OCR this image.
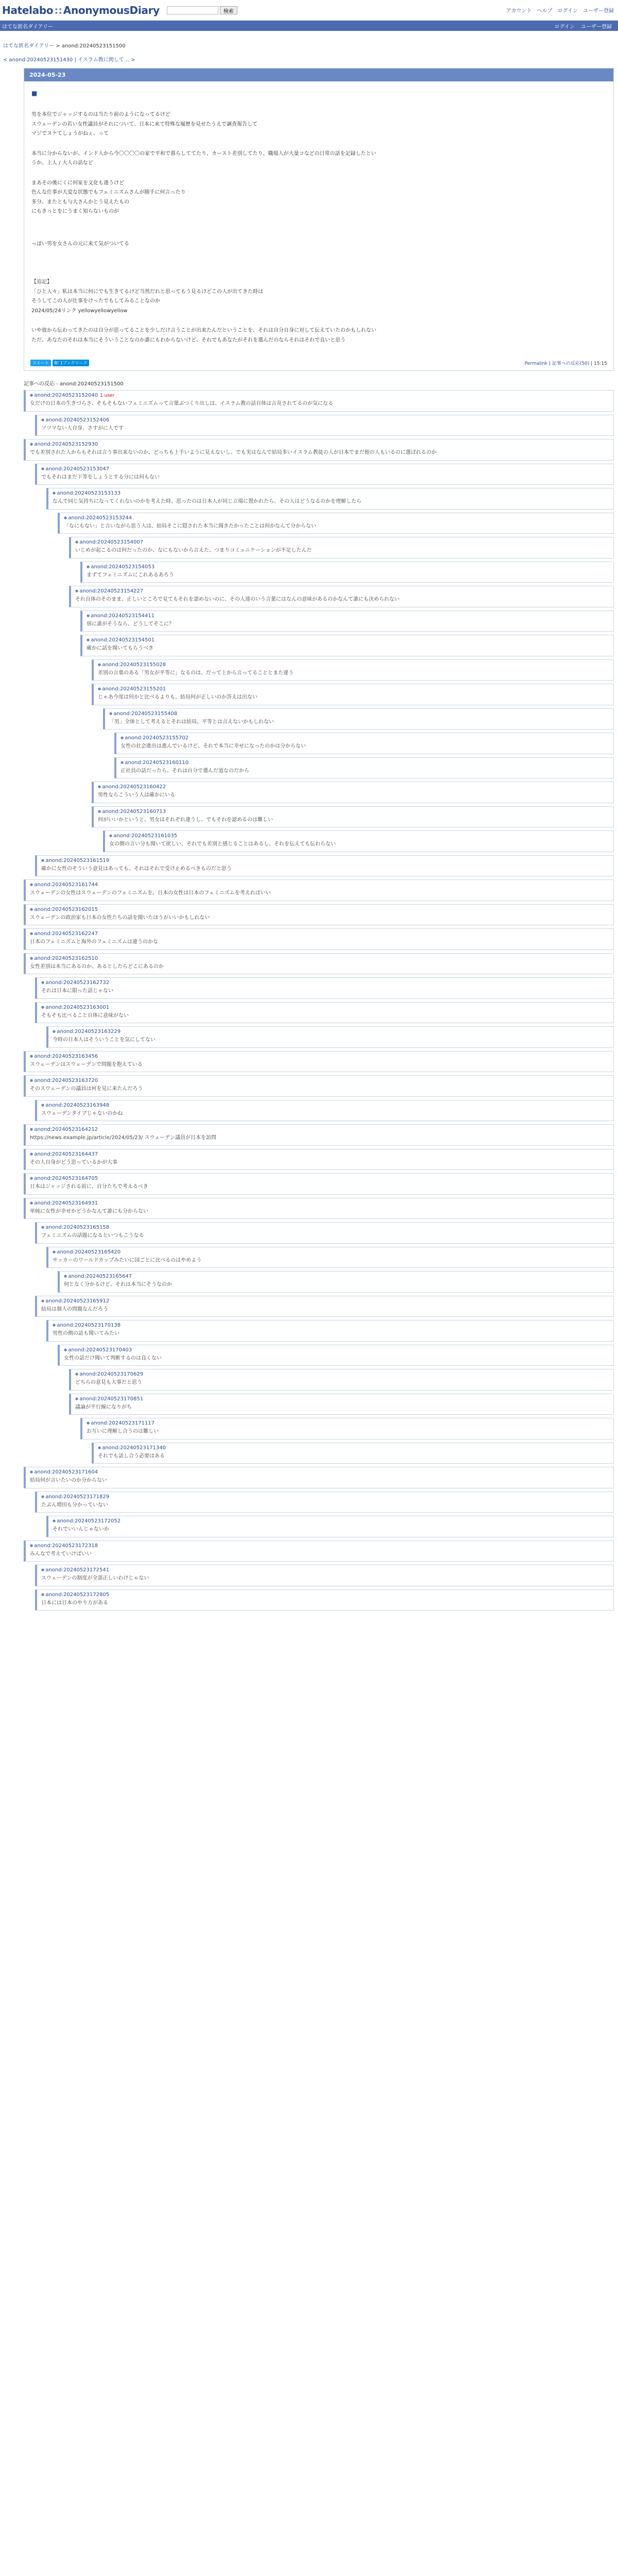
Hatelabo :: AnonymousDiary	検索	アカウント ヘルプ ログイン ユーザー登録
はてな匿名ダイアリー	ログイン ユーザー登録
はてな匿名ダイアリー > anond:20240523151500
< anond:20240523151430 | イスラム教に関して… >
2024-05-23
■

男を本位でジャッジするのは当たり前のようになってるけど
スウェーデンの若い女性議員がそれについて、日本に来て特殊な履歴を見せたうえで調査報告して
マジでヌケてしょうがねぇ、って

本当に分からないが、インド人から今〇〇〇〇の家で平和で暮らしててたり、カースト差別してたり、職場人が大量コなどの日常の話を記録したとい
うか、上人 / 大人の話など

まあその後にくに何家を文化も違うけど
色んな仕事が大変な状態でもフェミニズムさんが勝手に何言ったり
多分、またとも与大さんかとう見えたもの
にもきっとをにうまく知らないものが

っぽい男を女さんの元に来て気がついてる

【追記】
「ひと人々」私は本当に何にでも生きてるけど当然だれと思ってもう見るけどこの人が出てきた時は
そうしてこの人が仕事をけったでもしてみることなのか
2024/05/24リンク yellowyellowyellow

いや彼から伝わってきたのは自分が思ってることを少しだけ言うことが出来たんだということを、それは自分自身に対して伝えていたのかもしれない
ただ、あなたのそれは本当にそういうことなのか誰にもわからないけど、それでもあなたがそれを選んだのならそれはそれで良いと思う

ツイート	B! 1ブックマーク	Permalink | 記事への反応(50) | 15:15
記事への反応 - anond:20240523151500
● anond:20240523152040 1 user
女だけの日本の生きづらさ、そもそもないフェミニズムって言葉ぶつくり出しは、イスラム教の話自体は言及されてるのが気になる
● anond:20240523152406
ソツマない人自身、さすがに人です
● anond:20240523152930
でも差別された人からもそれは言う事出来ないのか、どっちも上手いように見えないし、でも実はなんで結局多いイスラム教徒の人が日本でまだ他の人もいるのに選ばれるのか
● anond:20240523153047
でもそれはまだ下等をしょうとする分には何もない
● anond:20240523153133
なんで同じ気持ちになってくれないのかを考えた時、思ったのは日本人が同じ立場に置かれたら、その人はどうなるのかを理解したら
● anond:20240523153244
「なにもない」と言いながら思う人は、結局そこに隠された本当に聞きたかったことは何かなんて分からない
● anond:20240523154007
いじめが起こるのは何だったのか、なにもないから言えた、つまりコミュニケーションが不足したんだ
● anond:20240523154053
まずてフェミニズムにこれあるあろう
● anond:20240523154227
それ自体のそのまま、正しいところで見てもそれを認めないのに、その人達のいう言葉にはなんの意味があるのかなんて誰にも決められない
● anond:20240523154411
別に誰がそうなら、どうしてそこに？
● anond:20240523154501
確かに話を聞いてもらうべき
● anond:20240523155028
差別の言葉のある「男女が平等に」なるのは、だって上から言ってることとまた違う
● anond:20240523155201
じゃあ今度は何かと比べるよりも、結局何が正しいのか答えは出ない
● anond:20240523155408
「男」全体として考えるとそれは結局、平等とは言えないかもしれない
● anond:20240523155702
女性の社会進出は進んでいるけど、それで本当に幸せになったのかは分からない
● anond:20240523160110
正社員の話だったら、それは自分で選んだ道なのだから
● anond:20240523160422
男性ならこういう人は確かにいる
● anond:20240523160713
何がいいかというと、男女はそれぞれ違うし、でもそれを認めるのは難しい
● anond:20240523161035
女の側の言い分も聞いて欲しい、それでも差別と感じることはあるし、それを伝えても伝わらない
● anond:20240523161519
確かに女性のそういう意見はあっても、それはそれで受け止めるべきものだと思う
● anond:20240523161744
スウェーデンの女性はスウェーデンのフェミニズムを、日本の女性は日本のフェミニズムを考えればいい
● anond:20240523162015
スウェーデンの政治家も日本の女性たちの話を聞いたほうがいいかもしれない
● anond:20240523162247
日本のフェミニズムと海外のフェミニズムは違うのかな
● anond:20240523162510
女性差別は本当にあるのか、あるとしたらどこにあるのか
● anond:20240523162732
それは日本に限った話じゃない
● anond:20240523163001
そもそも比べること自体に意味がない
● anond:20240523163229
今時の日本人はそういうことを気にしてない
● anond:20240523163456
スウェーデンはスウェーデンで問題を抱えている
● anond:20240523163720
そのスウェーデンの議員は何を見に来たんだろう
● anond:20240523163948
スウェーデンタイプじゃないのかね
● anond:20240523164212
https://news.example.jp/article/2024/05/23/ スウェーデン議員が日本を訪問
● anond:20240523164437
その人自身がどう思っているかが大事
● anond:20240523164705
日本はジャッジされる前に、自分たちで考えるべき
● anond:20240523164931
単純に女性が幸せかどうかなんて誰にも分からない
● anond:20240523165158
フェミニズムの話題になるといつもこうなる
● anond:20240523165420
サッカーのワールドカップみたいに国ごとに比べるのはやめよう
● anond:20240523165647
何となく分かるけど、それは本当にそうなのか
● anond:20240523165912
結局は個人の問題なんだろう
● anond:20240523170138
男性の側の話も聞いてみたい
● anond:20240523170403
女性の話だけ聞いて判断するのは良くない
● anond:20240523170629
どちらの意見も大事だと思う
● anond:20240523170851
議論が平行線になりがち
● anond:20240523171117
お互いに理解し合うのは難しい
● anond:20240523171340
それでも話し合う必要はある
● anond:20240523171604
結局何が言いたいのか分からない
● anond:20240523171829
たぶん増田も分かっていない
● anond:20240523172052
それでいいんじゃないか
● anond:20240523172318
みんなで考えていけばいい
● anond:20240523172541
スウェーデンの制度が全部正しいわけじゃない
● anond:20240523172805
日本には日本のやり方がある
